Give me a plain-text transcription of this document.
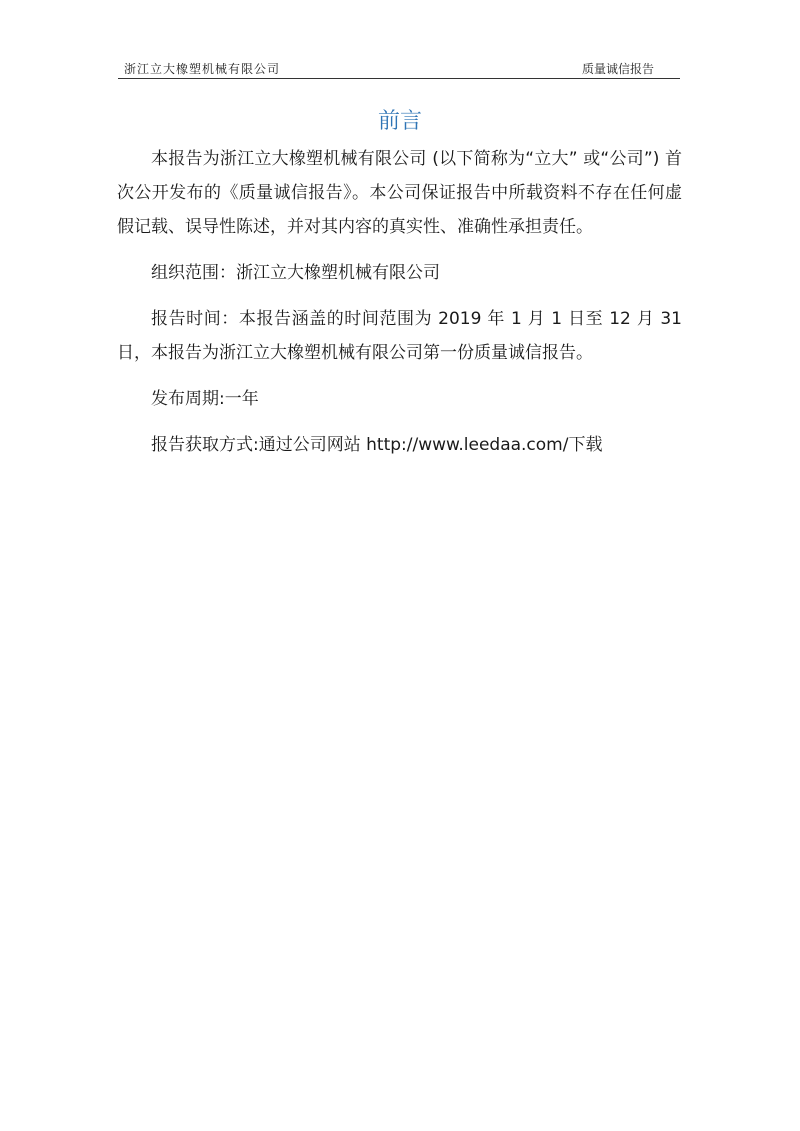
浙江立大橡塑机械有限公司	质量诚信报告
前言

本报告为浙江立大橡塑机械有限公司 (以下简称为“立大” 或“公司”) 首次公开发布的《质量诚信报告》。本公司保证报告中所载资料不存在任何虚假记载、误导性陈述，并对其内容的真实性、准确性承担责任。

组织范围：浙江立大橡塑机械有限公司

报告时间：本报告涵盖的时间范围为 2019 年 1 月 1 日至 12 月 31 日，本报告为浙江立大橡塑机械有限公司第一份质量诚信报告。

发布周期:一年

报告获取方式:通过公司网站 http://www.leedaa.com/下载
